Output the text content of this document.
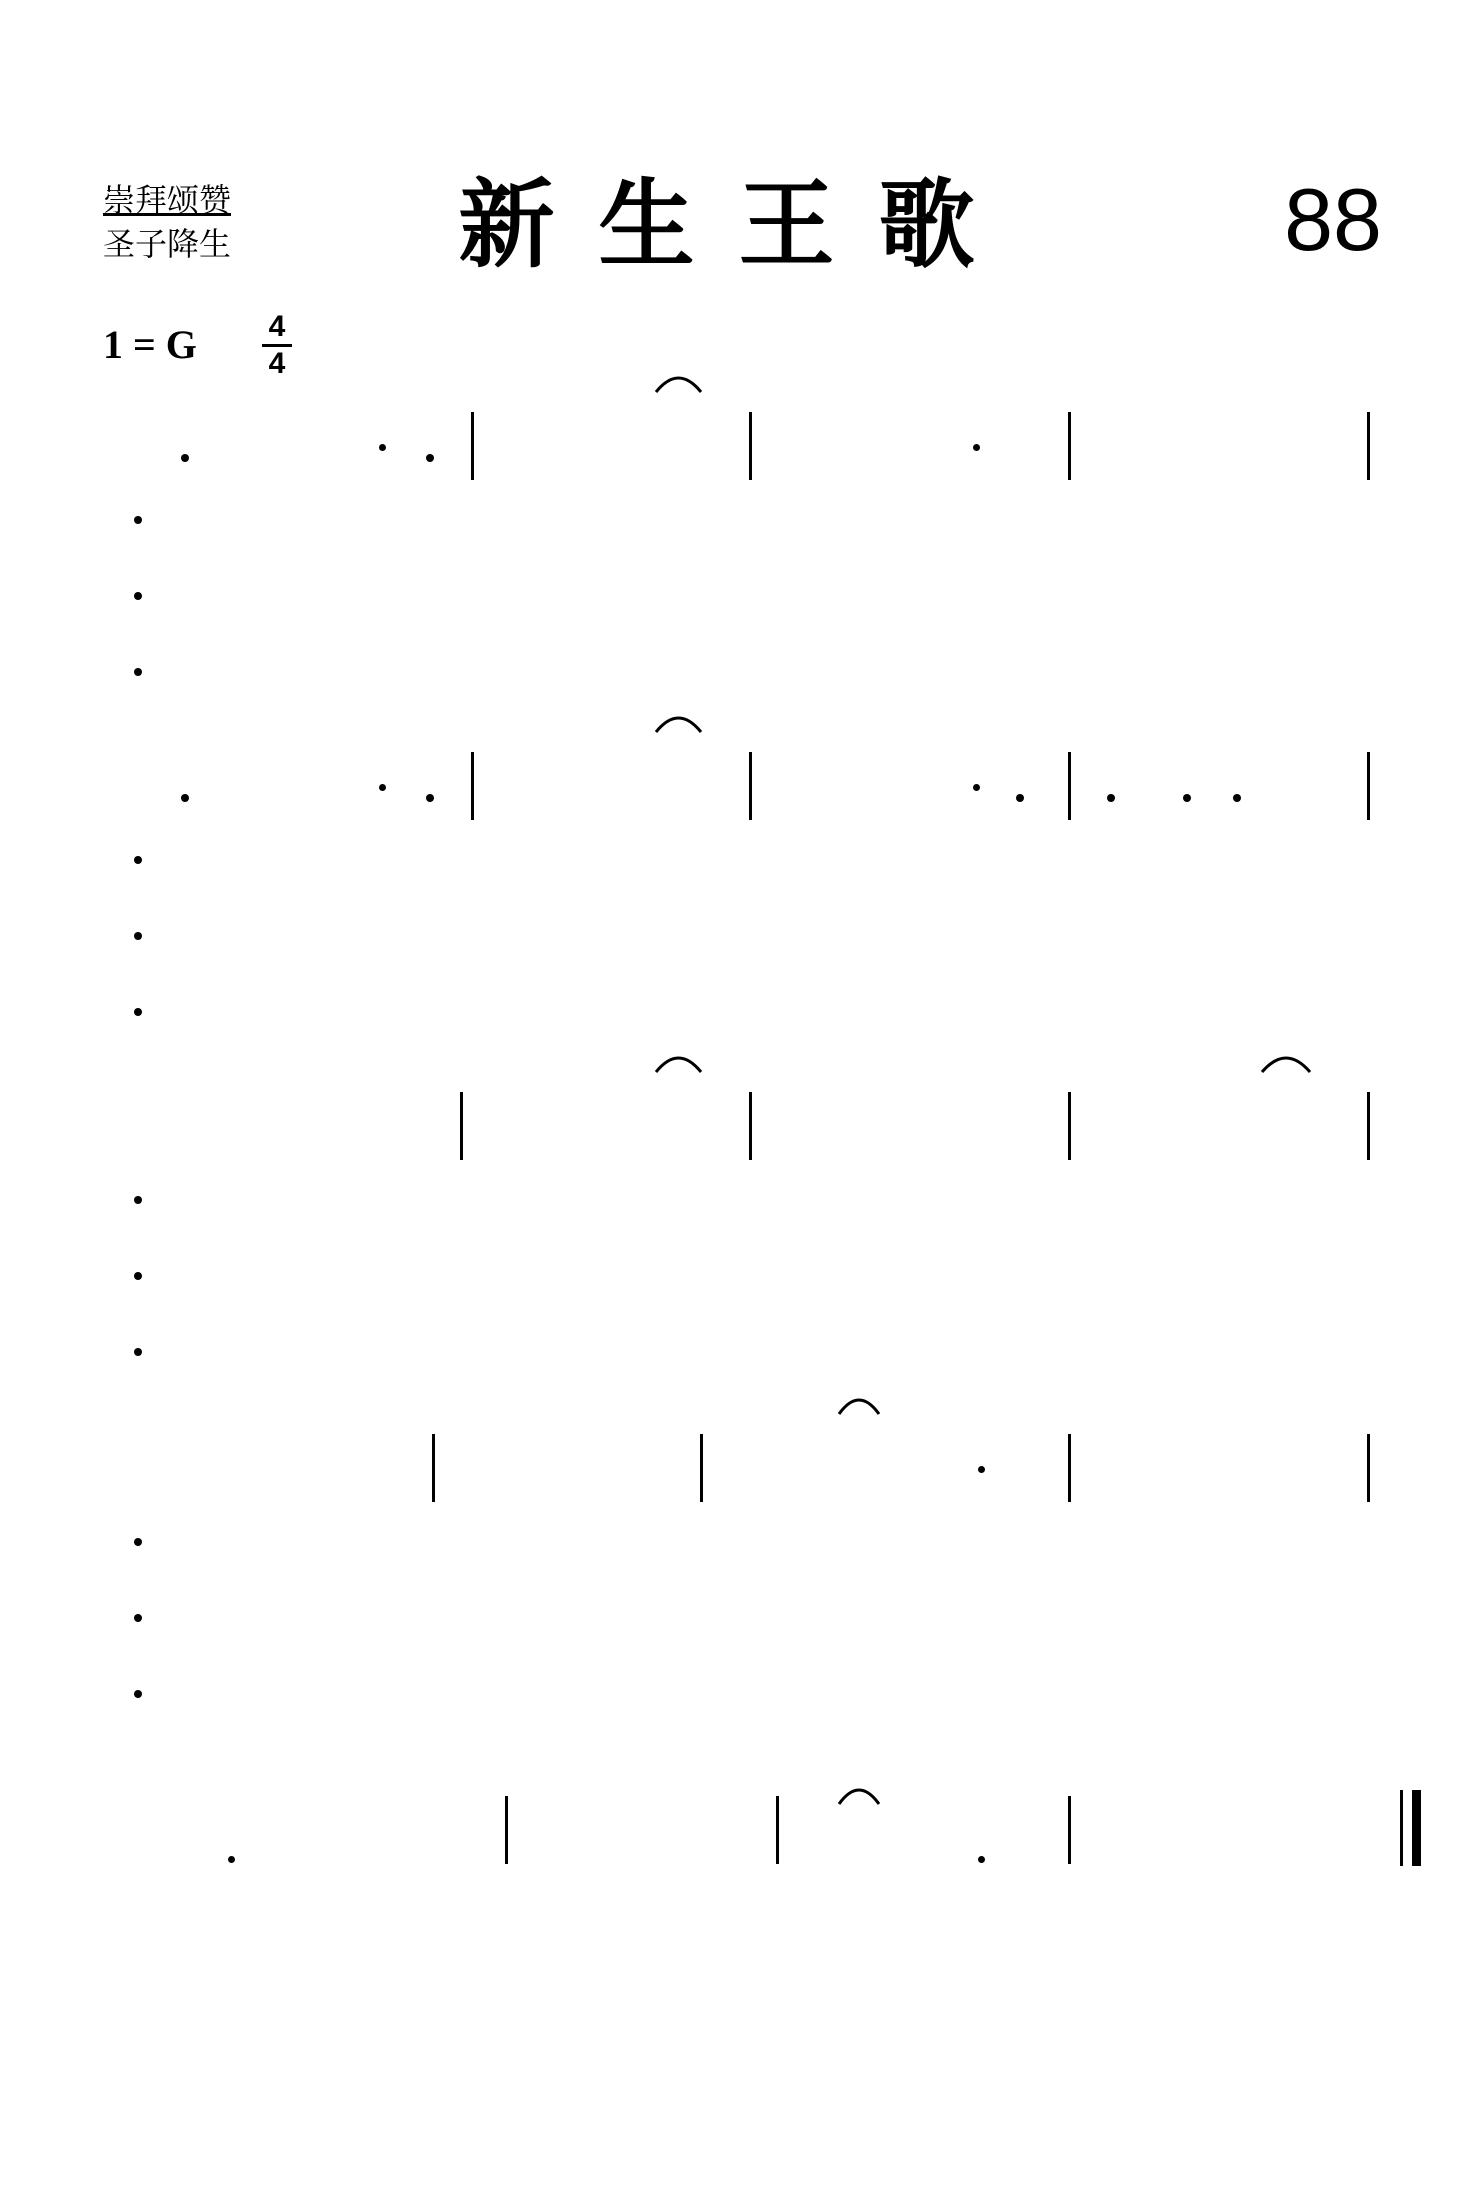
崇拜颂赞
圣子降生	新生王歌	88
1 = G 4
4
